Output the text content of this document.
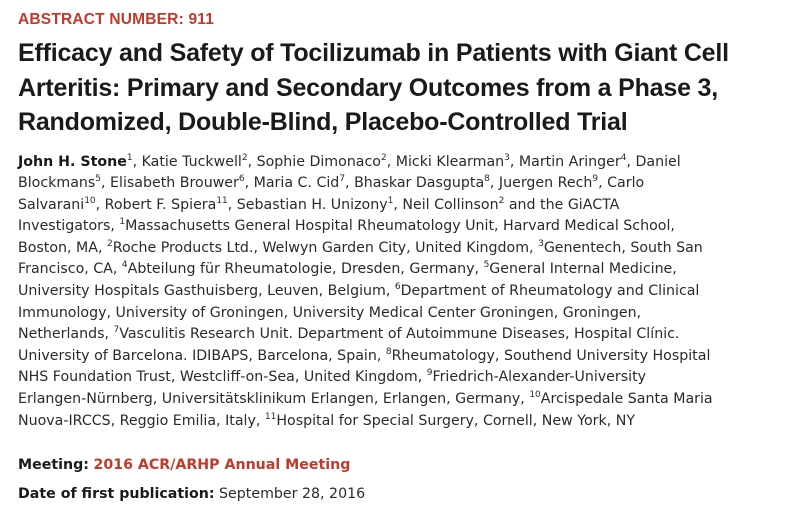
ABSTRACT NUMBER: 911
Efficacy and Safety of Tocilizumab in Patients with Giant Cell
Arteritis: Primary and Secondary Outcomes from a Phase 3,
Randomized, Double-Blind, Placebo-Controlled Trial
John H. Stone$^1$, Katie Tuckwell$^2$, Sophie Dimonaco$^2$, Micki Klearman$^3$, Martin Aringer$^4$, Daniel
Blockmans$^5$, Elisabeth Brouwer$^6$, Maria C. Cid$^7$, Bhaskar Dasgupta$^8$, Juergen Rech$^9$, Carlo
Salvarani$^{10}$, Robert F. Spiera$^{11}$, Sebastian H. Unizony$^1$, Neil Collinson$^2$ and the GiACTA
Investigators, $^1$Massachusetts General Hospital Rheumatology Unit, Harvard Medical School,
Boston, MA, $^2$Roche Products Ltd., Welwyn Garden City, United Kingdom, $^3$Genentech, South San
Francisco, CA, $^4$Abteilung für Rheumatologie, Dresden, Germany, $^5$General Internal Medicine,
University Hospitals Gasthuisberg, Leuven, Belgium, $^6$Department of Rheumatology and Clinical
Immunology, University of Groningen, University Medical Center Groningen, Groningen,
Netherlands, $^7$Vasculitis Research Unit. Department of Autoimmune Diseases, Hospital Clínic.
University of Barcelona. IDIBAPS, Barcelona, Spain, $^8$Rheumatology, Southend University Hospital
NHS Foundation Trust, Westcliff-on-Sea, United Kingdom, $^9$Friedrich-Alexander-University
Erlangen-Nürnberg, Universitätsklinikum Erlangen, Erlangen, Germany, $^{10}$Arcispedale Santa Maria
Nuova-IRCCS, Reggio Emilia, Italy, $^{11}$Hospital for Special Surgery, Cornell, New York, NY
Meeting: 2016 ACR/ARHP Annual Meeting
Date of first publication: September 28, 2016
